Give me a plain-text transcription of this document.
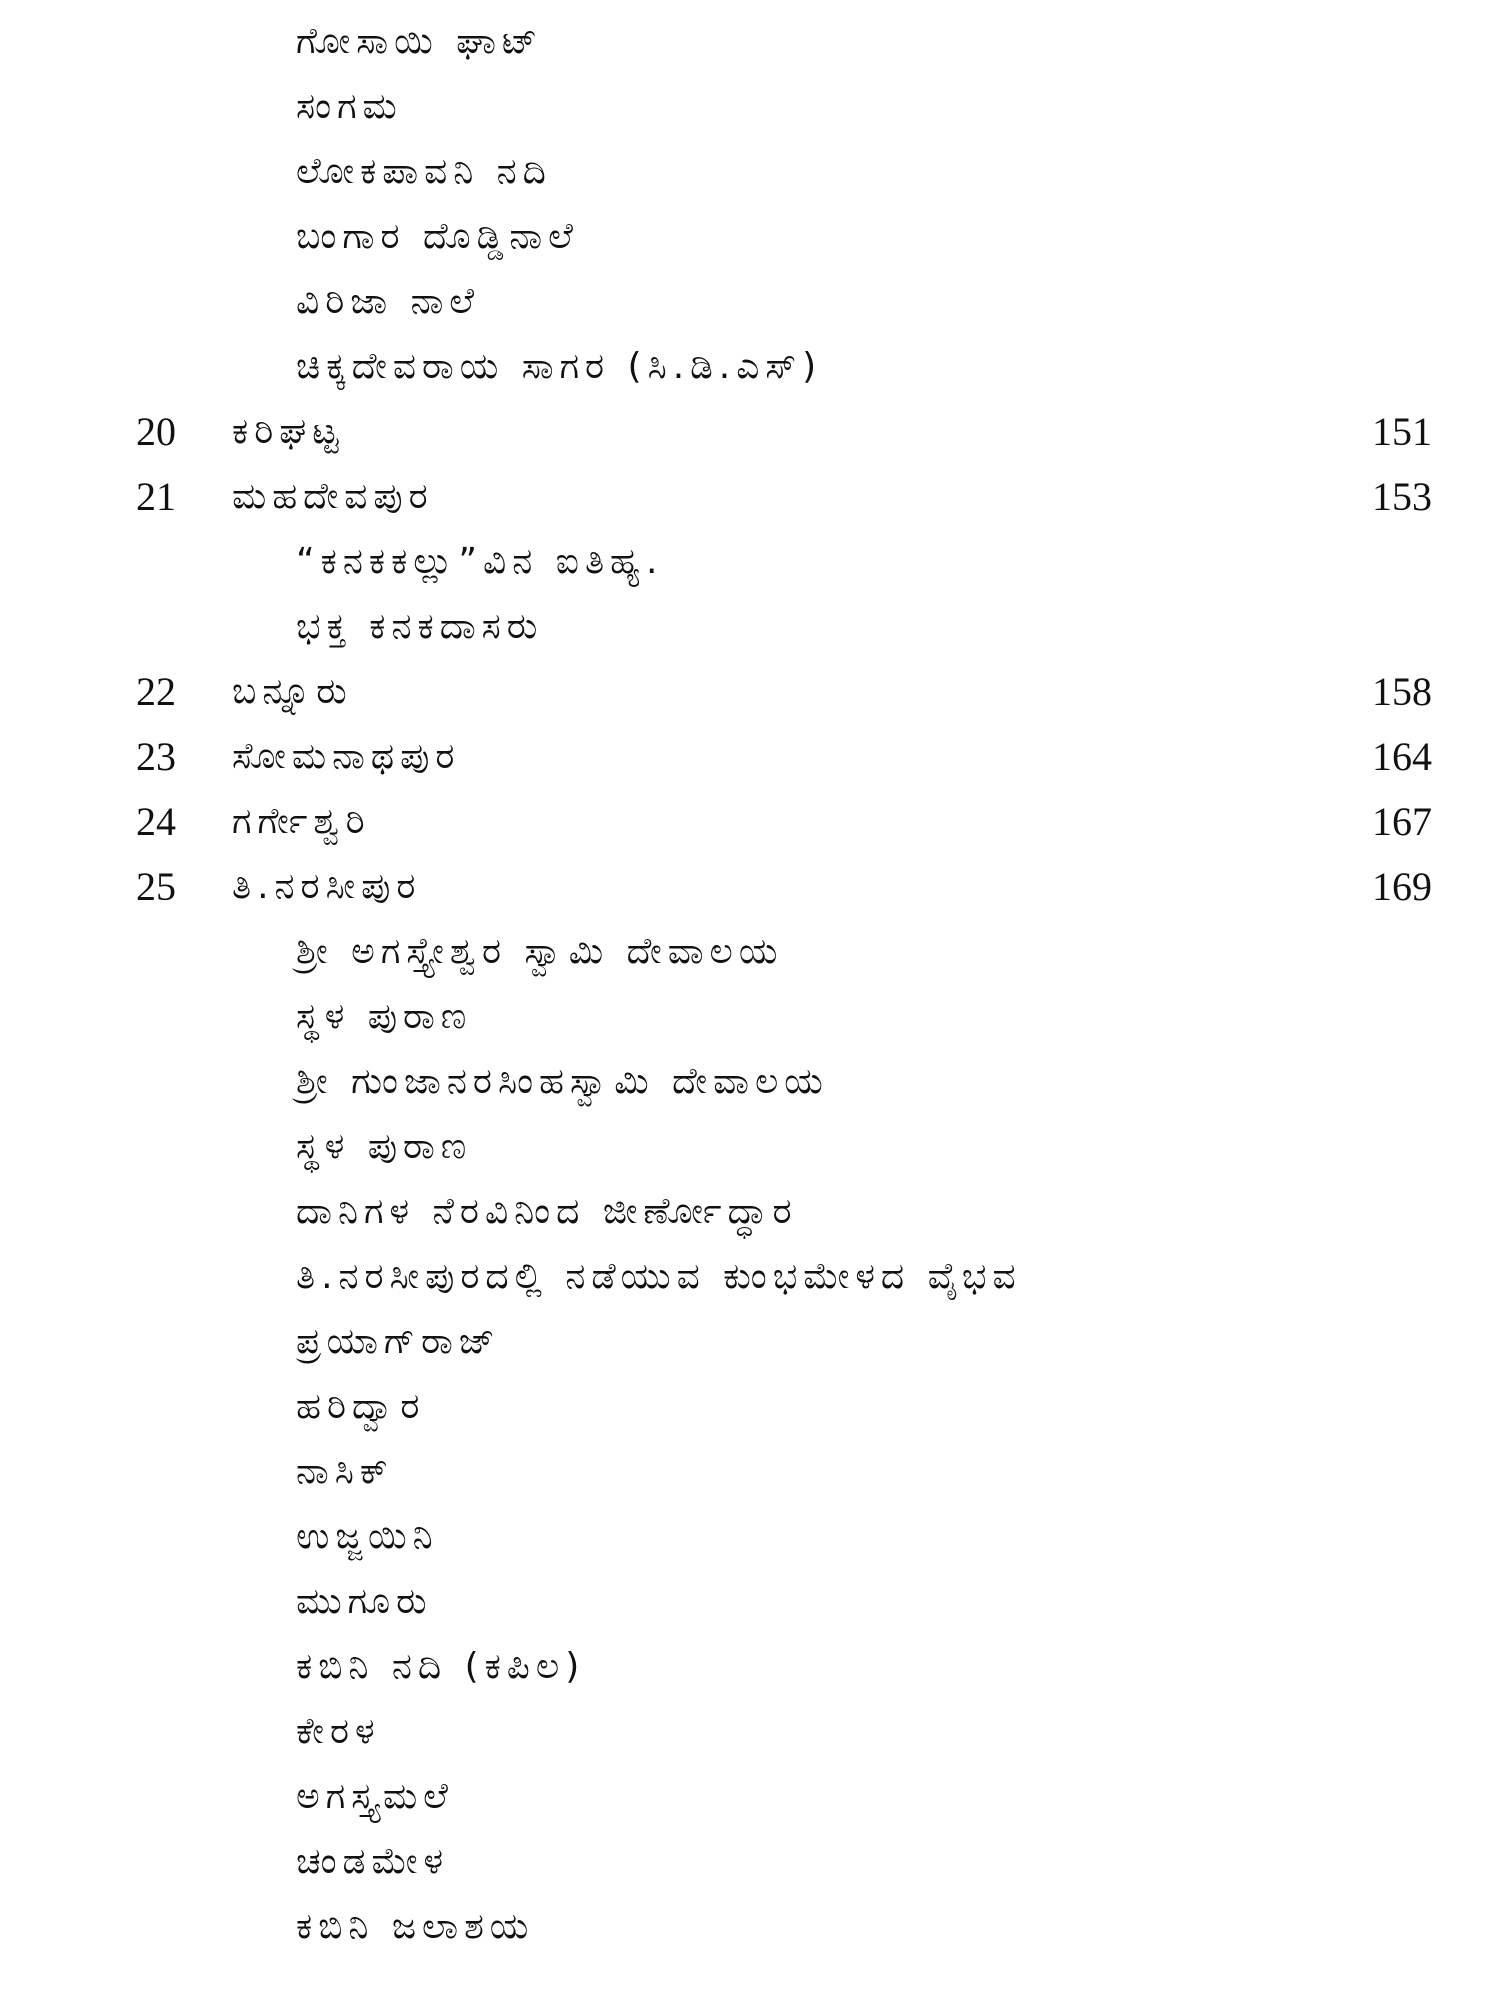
ಗೋಸಾಯಿ ಘಾಟ್
ಸಂಗಮ
ಲೋಕಪಾವನಿ ನದಿ
ಬಂಗಾರ ದೊಡ್ಡಿನಾಲೆ
ವಿರಿಜಾ ನಾಲೆ
ಚಿಕ್ಕದೇವರಾಯ ಸಾಗರ (ಸಿ.ಡಿ.ಎಸ್)
20	ಕರಿಘಟ್ಟ	151
21	ಮಹದೇವಪುರ	153
“ಕನಕಕಲ್ಲು”ವಿನ ಐತಿಹ್ಯ.
ಭಕ್ತ ಕನಕದಾಸರು
22	ಬನ್ನೂರು	158
23	ಸೋಮನಾಥಪುರ	164
24	ಗರ್ಗೇಶ್ವರಿ	167
25	ತಿ.ನರಸೀಪುರ	169
ಶ್ರೀ ಅಗಸ್ತ್ಯೇಶ್ವರ ಸ್ವಾಮಿ ದೇವಾಲಯ
ಸ್ಥಳ ಪುರಾಣ
ಶ್ರೀ ಗುಂಜಾನರಸಿಂಹಸ್ವಾಮಿ ದೇವಾಲಯ
ಸ್ಥಳ ಪುರಾಣ
ದಾನಿಗಳ ನೆರವಿನಿಂದ ಜೀರ್ಣೋದ್ಧಾರ
ತಿ.ನರಸೀಪುರದಲ್ಲಿ ನಡೆಯುವ ಕುಂಭಮೇಳದ ವೈಭವ
ಪ್ರಯಾಗ್‌ರಾಜ್
ಹರಿದ್ವಾರ
ನಾಸಿಕ್
ಉಜ್ಜಯಿನಿ
ಮುಗೂರು
ಕಬಿನಿ ನದಿ (ಕಪಿಲ)
ಕೇರಳ
ಅಗಸ್ತ್ಯಮಲೆ
ಚಂಡಮೇಳ
ಕಬಿನಿ ಜಲಾಶಯ
